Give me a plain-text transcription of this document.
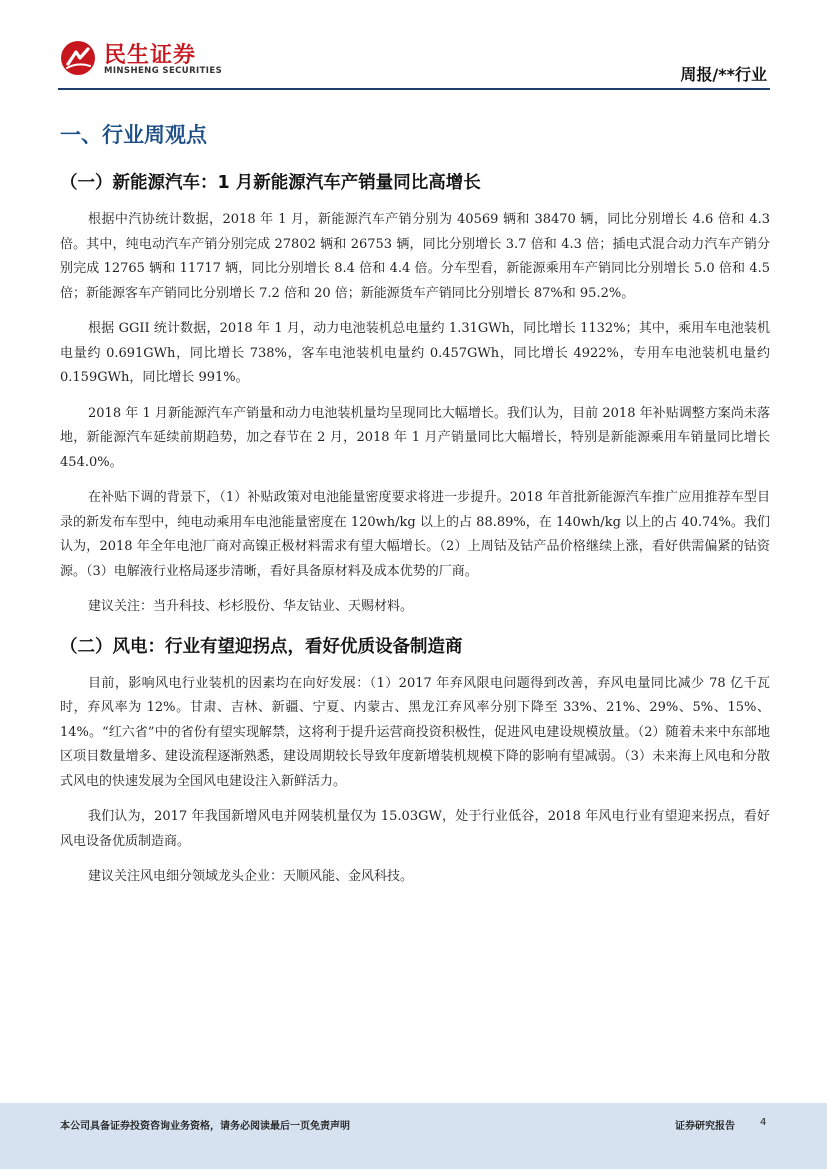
民生证券
MINSHENG SECURITIES	周报/**行业
一、行业周观点
（一）新能源汽车：1 月新能源汽车产销量同比高增长

根据中汽协统计数据，2018 年 1 月，新能源汽车产销分别为 40569 辆和 38470 辆，同比分别增长 4.6 倍和 4.3 倍。其中，纯电动汽车产销分别完成 27802 辆和 26753 辆，同比分别增长 3.7 倍和 4.3 倍；插电式混合动力汽车产销分别完成 12765 辆和 11717 辆，同比分别增长 8.4 倍和 4.4 倍。分车型看，新能源乘用车产销同比分别增长 5.0 倍和 4.5 倍；新能源客车产销同比分别增长 7.2 倍和 20 倍；新能源货车产销同比分别增长 87%和 95.2%。

根据 GGII 统计数据，2018 年 1 月，动力电池装机总电量约 1.31GWh，同比增长 1132%；其中，乘用车电池装机电量约 0.691GWh，同比增长 738%，客车电池装机电量约 0.457GWh，同比增长 4922%，专用车电池装机电量约 0.159GWh，同比增长 991%。

2018 年 1 月新能源汽车产销量和动力电池装机量均呈现同比大幅增长。我们认为，目前 2018 年补贴调整方案尚未落地，新能源汽车延续前期趋势，加之春节在 2 月，2018 年 1 月产销量同比大幅增长，特别是新能源乘用车销量同比增长 454.0%。

在补贴下调的背景下，（1）补贴政策对电池能量密度要求将进一步提升。2018 年首批新能源汽车推广应用推荐车型目录的新发布车型中，纯电动乘用车电池能量密度在 120wh/kg 以上的占 88.89%，在 140wh/kg 以上的占 40.74%。我们认为，2018 年全年电池厂商对高镍正极材料需求有望大幅增长。（2）上周钴及钴产品价格继续上涨，看好供需偏紧的钴资源。（3）电解液行业格局逐步清晰，看好具备原材料及成本优势的厂商。

建议关注：当升科技、杉杉股份、华友钴业、天赐材料。

（二）风电：行业有望迎拐点，看好优质设备制造商

目前，影响风电行业装机的因素均在向好发展：（1）2017 年弃风限电问题得到改善，弃风电量同比减少 78 亿千瓦时，弃风率为 12%。甘肃、吉林、新疆、宁夏、内蒙古、黑龙江弃风率分别下降至 33%、21%、29%、5%、15%、14%。“红六省”中的省份有望实现解禁，这将利于提升运营商投资积极性，促进风电建设规模放量。（2）随着未来中东部地区项目数量增多、建设流程逐渐熟悉，建设周期较长导致年度新增装机规模下降的影响有望减弱。（3）未来海上风电和分散式风电的快速发展为全国风电建设注入新鲜活力。

我们认为，2017 年我国新增风电并网装机量仅为 15.03GW，处于行业低谷，2018 年风电行业有望迎来拐点，看好风电设备优质制造商。

建议关注风电细分领域龙头企业：天顺风能、金风科技。

本公司具备证券投资咨询业务资格，请务必阅读最后一页免责声明	证券研究报告	4
